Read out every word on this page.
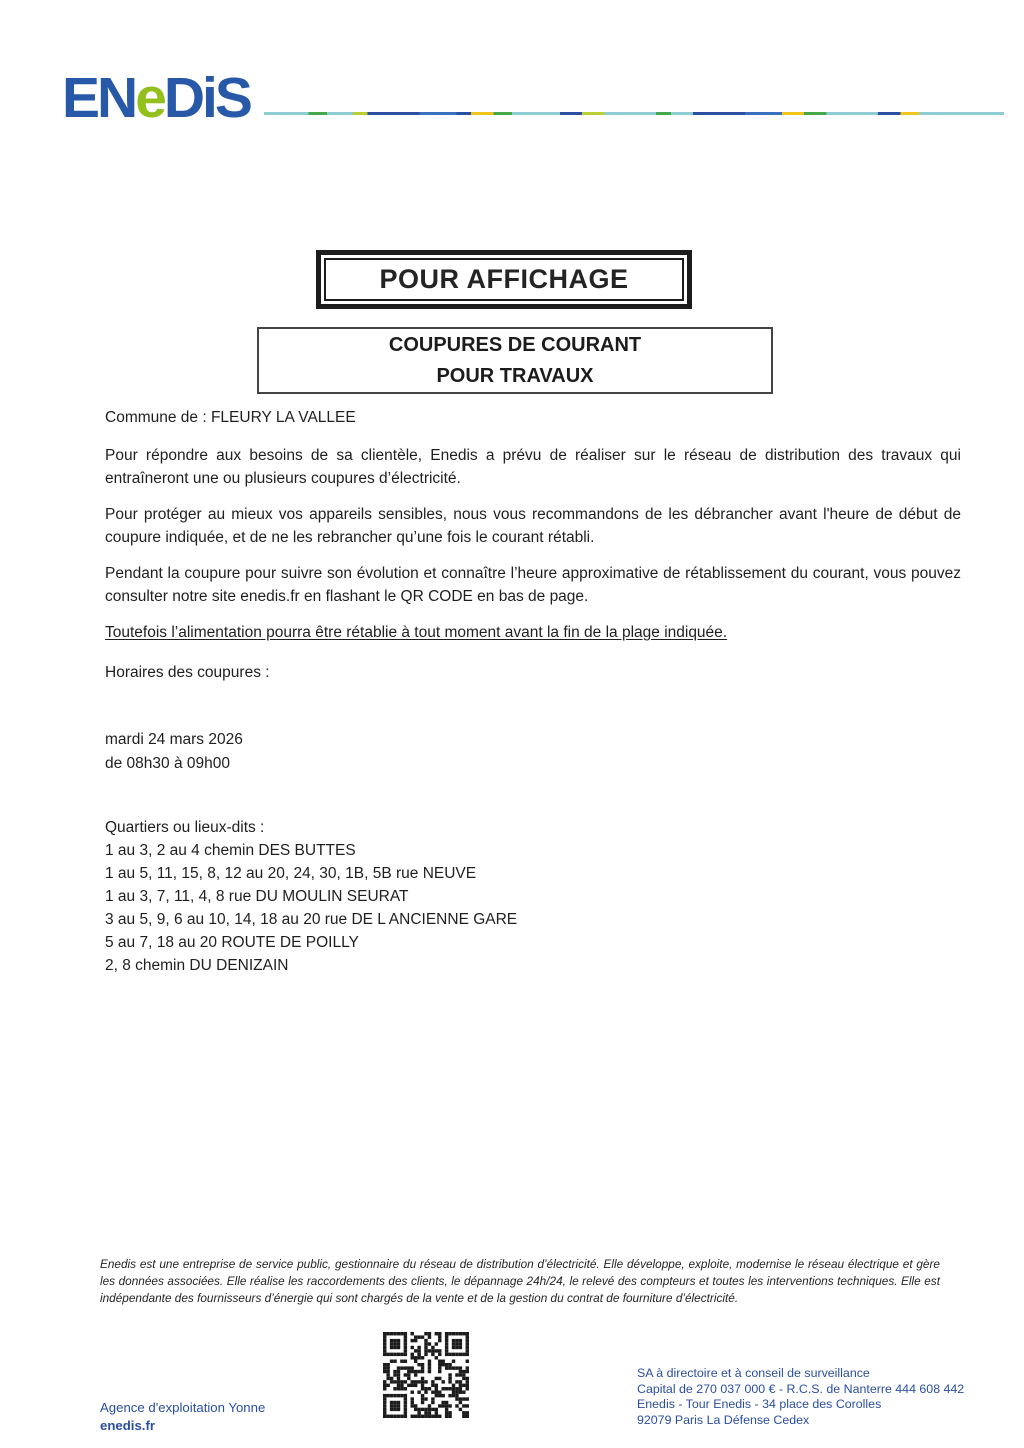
ENeDiS
POUR AFFICHAGE
COUPURES DE COURANT
POUR TRAVAUX
Commune de : FLEURY LA VALLEE

Pour répondre aux besoins de sa clientèle, Enedis a prévu de réaliser sur le réseau de distribution des travaux qui entraîneront une ou plusieurs coupures d’électricité.

Pour protéger au mieux vos appareils sensibles, nous vous recommandons de les débrancher avant l'heure de début de coupure indiquée, et de ne les rebrancher qu’une fois le courant rétabli.

Pendant la coupure pour suivre son évolution et connaître l’heure approximative de rétablissement du courant, vous pouvez consulter notre site enedis.fr en flashant le QR CODE en bas de page.

Toutefois l’alimentation pourra être rétablie à tout moment avant la fin de la plage indiquée.
Horaires des coupures :
mardi 24 mars 2026
de 08h30 à 09h00
Quartiers ou lieux-dits :
1 au 3, 2 au 4 chemin DES BUTTES
1 au 5, 11, 15, 8, 12 au 20, 24, 30, 1B, 5B rue NEUVE
1 au 3, 7, 11, 4, 8 rue DU MOULIN SEURAT
3 au 5, 9, 6 au 10, 14, 18 au 20 rue DE L ANCIENNE GARE
5 au 7, 18 au 20 ROUTE DE POILLY
2, 8 chemin DU DENIZAIN
Enedis est une entreprise de service public, gestionnaire du réseau de distribution d’électricité. Elle développe, exploite, modernise le réseau électrique et gère les données associées. Elle réalise les raccordements des clients, le dépannage 24h/24, le relevé des compteurs et toutes les interventions techniques. Elle est indépendante des fournisseurs d’énergie qui sont chargés de la vente et de la gestion du contrat de fourniture d’électricité.
SA à directoire et à conseil de surveillance
Capital de 270 037 000 € - R.C.S. de Nanterre 444 608 442
Enedis - Tour Enedis - 34 place des Corolles
92079 Paris La Défense Cedex
Agence d'exploitation Yonne
enedis.fr
